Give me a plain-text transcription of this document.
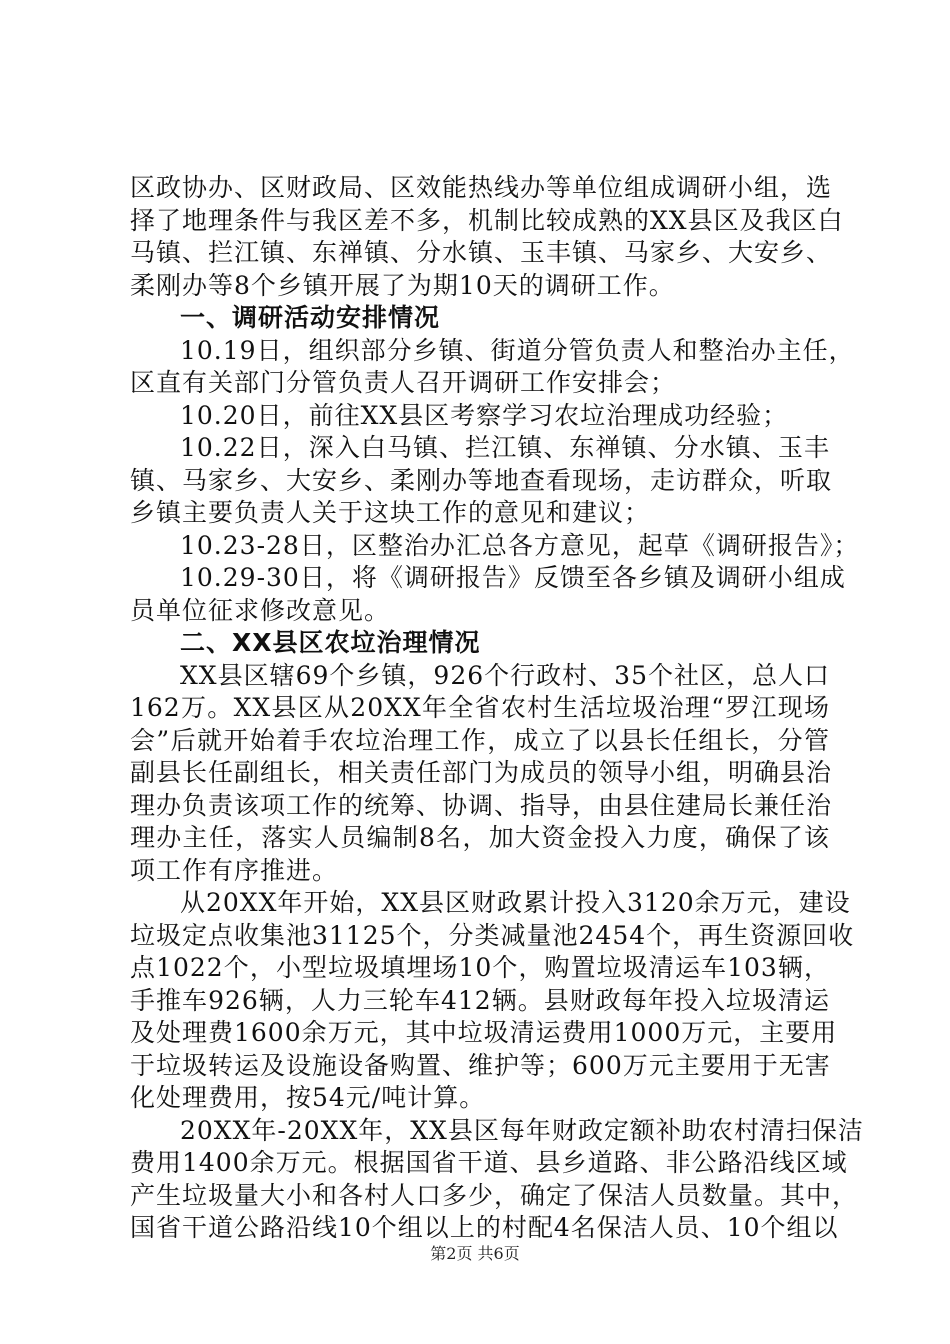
区政协办、区财政局、区效能热线办等单位组成调研小组，选
择了地理条件与我区差不多，机制比较成熟的XX县区及我区白
马镇、拦江镇、东禅镇、分水镇、玉丰镇、马家乡、大安乡、
柔刚办等8个乡镇开展了为期10天的调研工作。
一、调研活动安排情况
10.19日，组织部分乡镇、街道分管负责人和整治办主任，
区直有关部门分管负责人召开调研工作安排会；
10.20日，前往XX县区考察学习农垃治理成功经验；
10.22日，深入白马镇、拦江镇、东禅镇、分水镇、玉丰
镇、马家乡、大安乡、柔刚办等地查看现场，走访群众，听取
乡镇主要负责人关于这块工作的意见和建议；
10.23-28日，区整治办汇总各方意见，起草《调研报告》；
10.29-30日，将《调研报告》反馈至各乡镇及调研小组成
员单位征求修改意见。
二、XX县区农垃治理情况
XX县区辖69个乡镇，926个行政村、35个社区，总人口
162万。XX县区从20XX年全省农村生活垃圾治理“罗江现场
会”后就开始着手农垃治理工作，成立了以县长任组长，分管
副县长任副组长，相关责任部门为成员的领导小组，明确县治
理办负责该项工作的统筹、协调、指导，由县住建局长兼任治
理办主任，落实人员编制8名，加大资金投入力度，确保了该
项工作有序推进。
从20XX年开始，XX县区财政累计投入3120余万元，建设
垃圾定点收集池31125个，分类减量池2454个，再生资源回收
点1022个，小型垃圾填埋场10个，购置垃圾清运车103辆，
手推车926辆，人力三轮车412辆。县财政每年投入垃圾清运
及处理费1600余万元，其中垃圾清运费用1000万元，主要用
于垃圾转运及设施设备购置、维护等；600万元主要用于无害
化处理费用，按54元/吨计算。
20XX年-20XX年，XX县区每年财政定额补助农村清扫保洁
费用1400余万元。根据国省干道、县乡道路、非公路沿线区域
产生垃圾量大小和各村人口多少，确定了保洁人员数量。其中，
国省干道公路沿线10个组以上的村配4名保洁人员、10个组以
第2页 共6页
